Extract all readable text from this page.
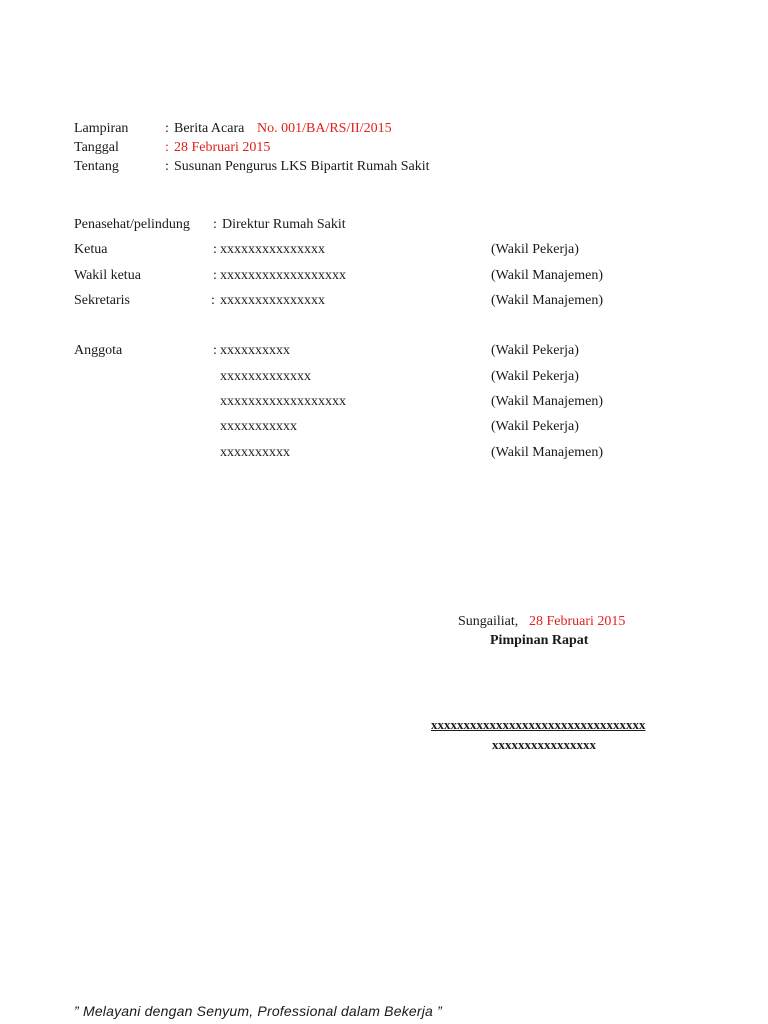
Lampiran	: Berita Acara No. 001/BA/RS/II/2015
Tanggal	: 28 Februari 2015
Tentang	: Susunan Pengurus LKS Bipartit Rumah Sakit
Penasehat/pelindung : Direktur Rumah Sakit
Ketua	: xxxxxxxxxxxxxxx	(Wakil Pekerja)
Wakil ketua	: xxxxxxxxxxxxxxxxxx	(Wakil Manajemen)
Sekretaris	: xxxxxxxxxxxxxxx	(Wakil Manajemen)
Anggota	: xxxxxxxxxx	(Wakil Pekerja)
xxxxxxxxxxxxx	(Wakil Pekerja)
xxxxxxxxxxxxxxxxxx	(Wakil Manajemen)
xxxxxxxxxxx	(Wakil Pekerja)
xxxxxxxxxx	(Wakil Manajemen)
Sungailiat, 28 Februari 2015
Pimpinan Rapat
xxxxxxxxxxxxxxxxxxxxxxxxxxxxxxxxx
xxxxxxxxxxxxxxxx
” Melayani dengan Senyum, Professional dalam Bekerja ”
